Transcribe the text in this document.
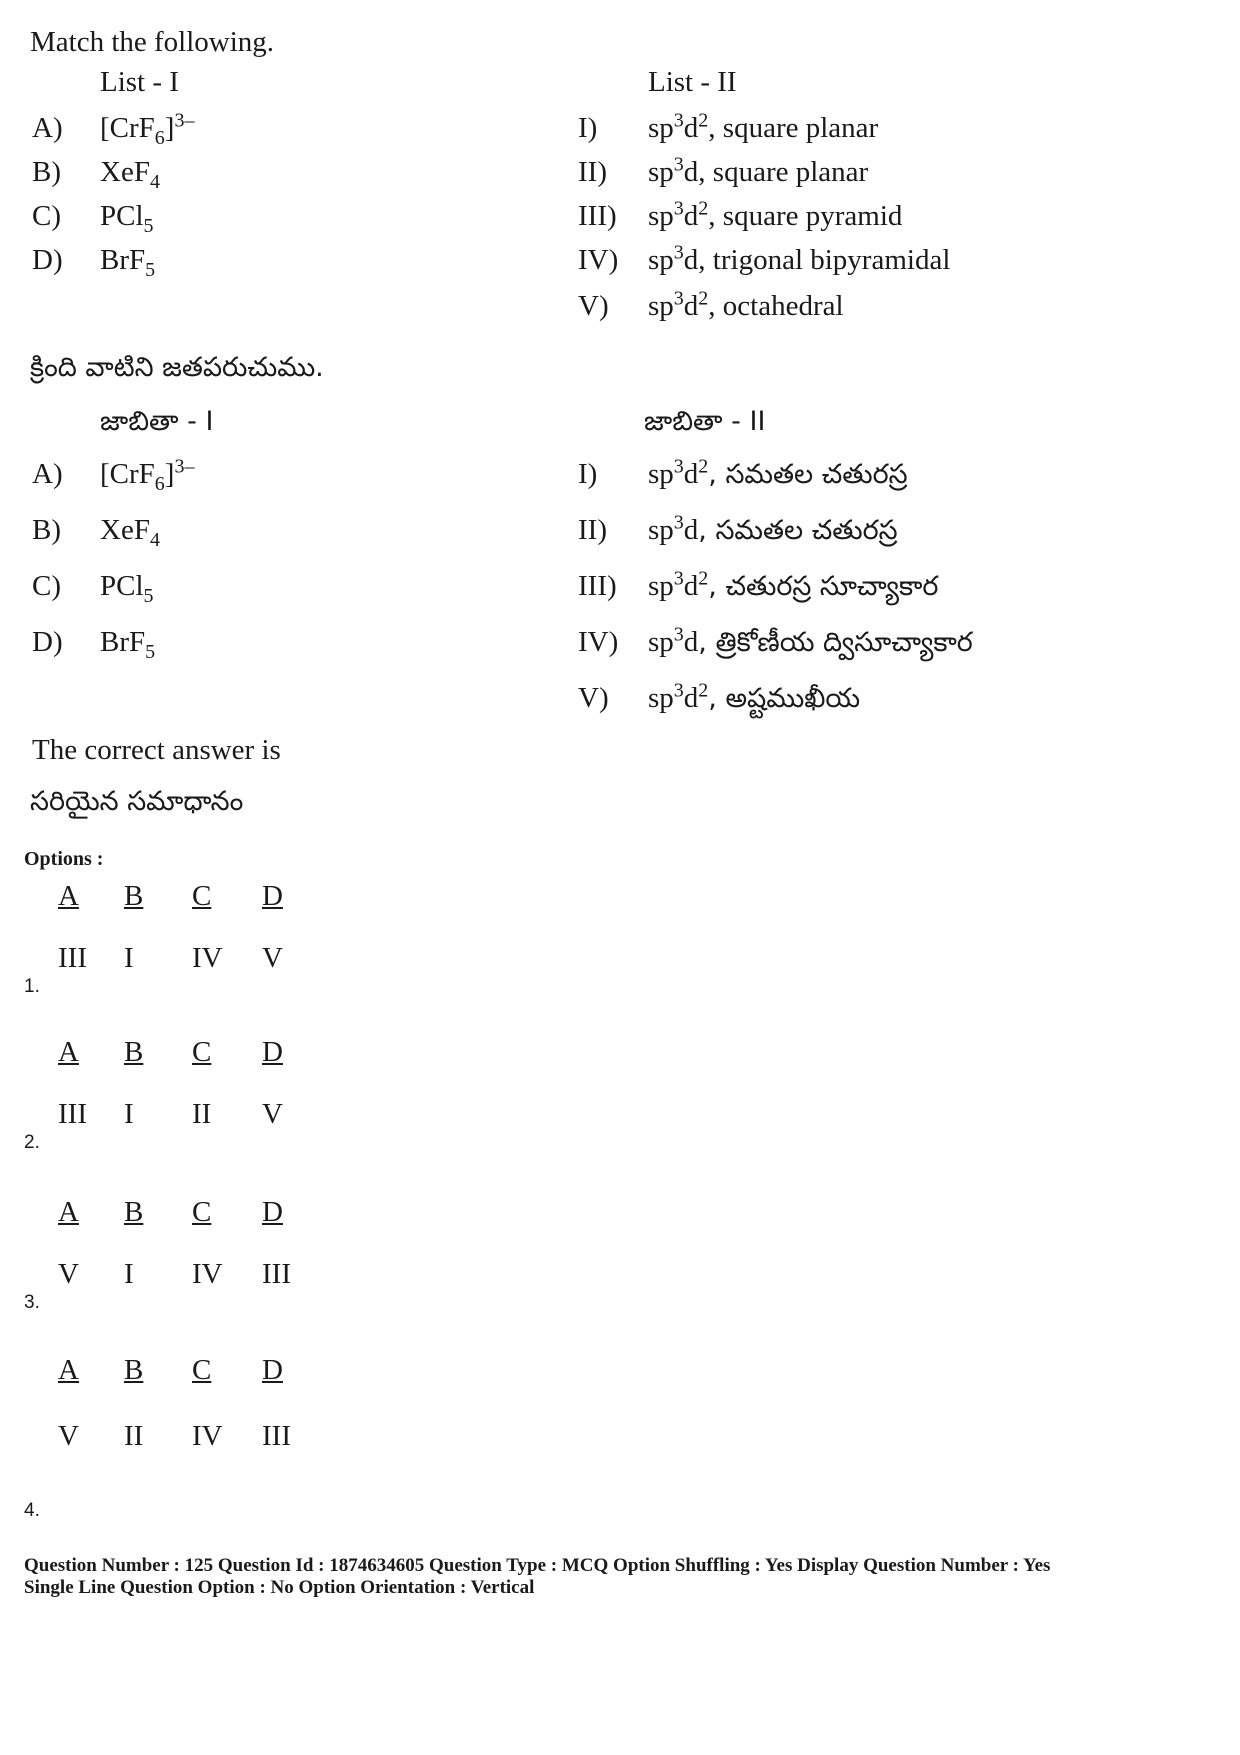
Match the following.
List - I	List - II
A) $[CrF_6]^{3-}$
B) XeF$_4$
C) PCl$_5$
D) BrF$_5$
I) $sp^3d^2$, square planar
II) $sp^3d$, square planar
III) $sp^3d^2$, square pyramid
IV) $sp^3d$, trigonal bipyramidal
V) $sp^3d^2$, octahedral
క్రింది వాటిని జతపరుచుము.
జాబితా - I	జాబితా - II
A) $[CrF_6]^{3-}$
B) XeF$_4$
C) PCl$_5$
D) BrF$_5$
I) $sp^3d^2$, సమతల చతురస్ర
II) $sp^3d$, సమతల చతురస్ర
III) $sp^3d^2$, చతురస్ర సూచ్యాకార
IV) $sp^3d$, త్రికోణీయ ద్విసూచ్యాకార
V) $sp^3d^2$, అష్టముఖీయ
The correct answer is
సరియైన సమాధానం
Options :
1.
A B C D
III I IV V
2.
A B C D
III I II V
3.
A B C D
V I IV III
4.
A B C D
V II IV III
Question Number : 125 Question Id : 1874634605 Question Type : MCQ Option Shuffling : Yes Display Question Number : Yes
Single Line Question Option : No Option Orientation : Vertical
